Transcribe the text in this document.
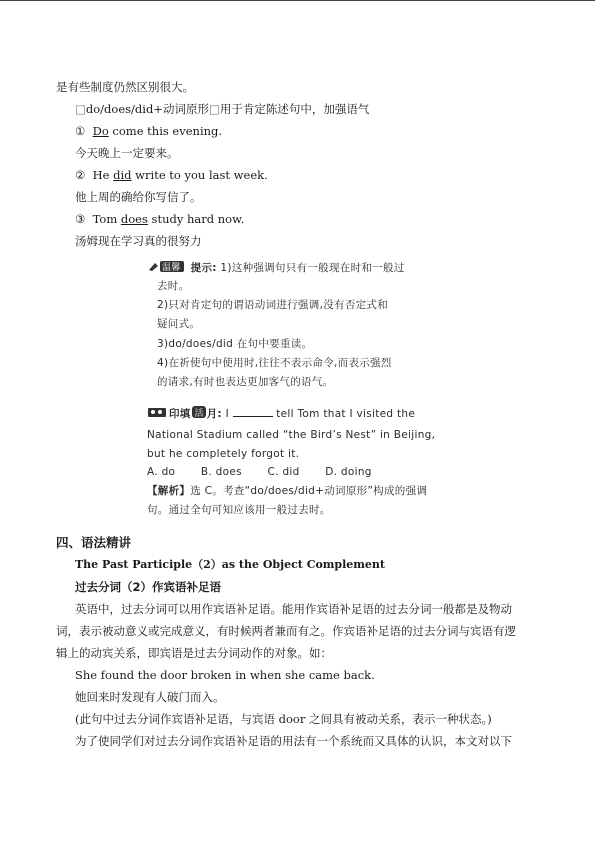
是有些制度仍然区别很大。
□do/does/did+动词原形□用于肯定陈述句中，加强语气
① Do come this evening.
今天晚上一定要来。
② He did write to you last week.
他上周的确给你写信了。
③ Tom does study hard now.
汤姆现在学习真的很努力
温馨 提示: 1)这种强调句只有一般现在时和一般过
去时。
2)只对肯定句的谓语动词进行强调,没有否定式和
疑问式。
3)do/does/did 在句中要重读。
4)在祈使句中使用时,往往不表示命令,而表示强烈
的请求,有时也表达更加客气的语气。
印填 活 月: I	tell Tom that I visited the
National Stadium called “the Bird’s Nest” in Beijing,
but he completely forgot it.
A. do B. does C. did D. doing
【解析】选 C。考查“do/does/did+动词原形”构成的强调
句。通过全句可知应该用一般过去时。
四、语法精讲
The Past Participle（2）as the Object Complement
过去分词（2）作宾语补足语
英语中，过去分词可以用作宾语补足语。能用作宾语补足语的过去分词一般都是及物动
词，表示被动意义或完成意义，有时候两者兼而有之。作宾语补足语的过去分词与宾语有逻
辑上的动宾关系，即宾语是过去分词动作的对象。如：
She found the door broken in when she came back.
她回来时发现有人破门而入。
(此句中过去分词作宾语补足语，与宾语 door 之间具有被动关系，表示一种状态。)
为了使同学们对过去分词作宾语补足语的用法有一个系统而又具体的认识，本文对以下
